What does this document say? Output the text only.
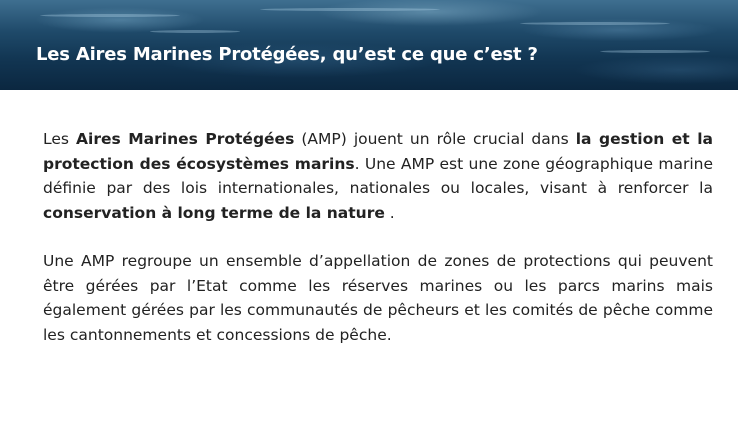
Les Aires Marines Protégées, qu’est ce que c’est ?

Les Aires Marines Protégées (AMP) jouent un rôle crucial dans la gestion et la protection des écosystèmes marins. Une AMP est une zone géographique marine définie par des lois internationales, nationales ou locales, visant à renforcer la conservation à long terme de la nature .

Une AMP regroupe un ensemble d’appellation de zones de protections qui peuvent être gérées par l’Etat comme les réserves marines ou les parcs marins mais également gérées par les communautés de pêcheurs et les comités de pêche comme les cantonnements et concessions de pêche.
